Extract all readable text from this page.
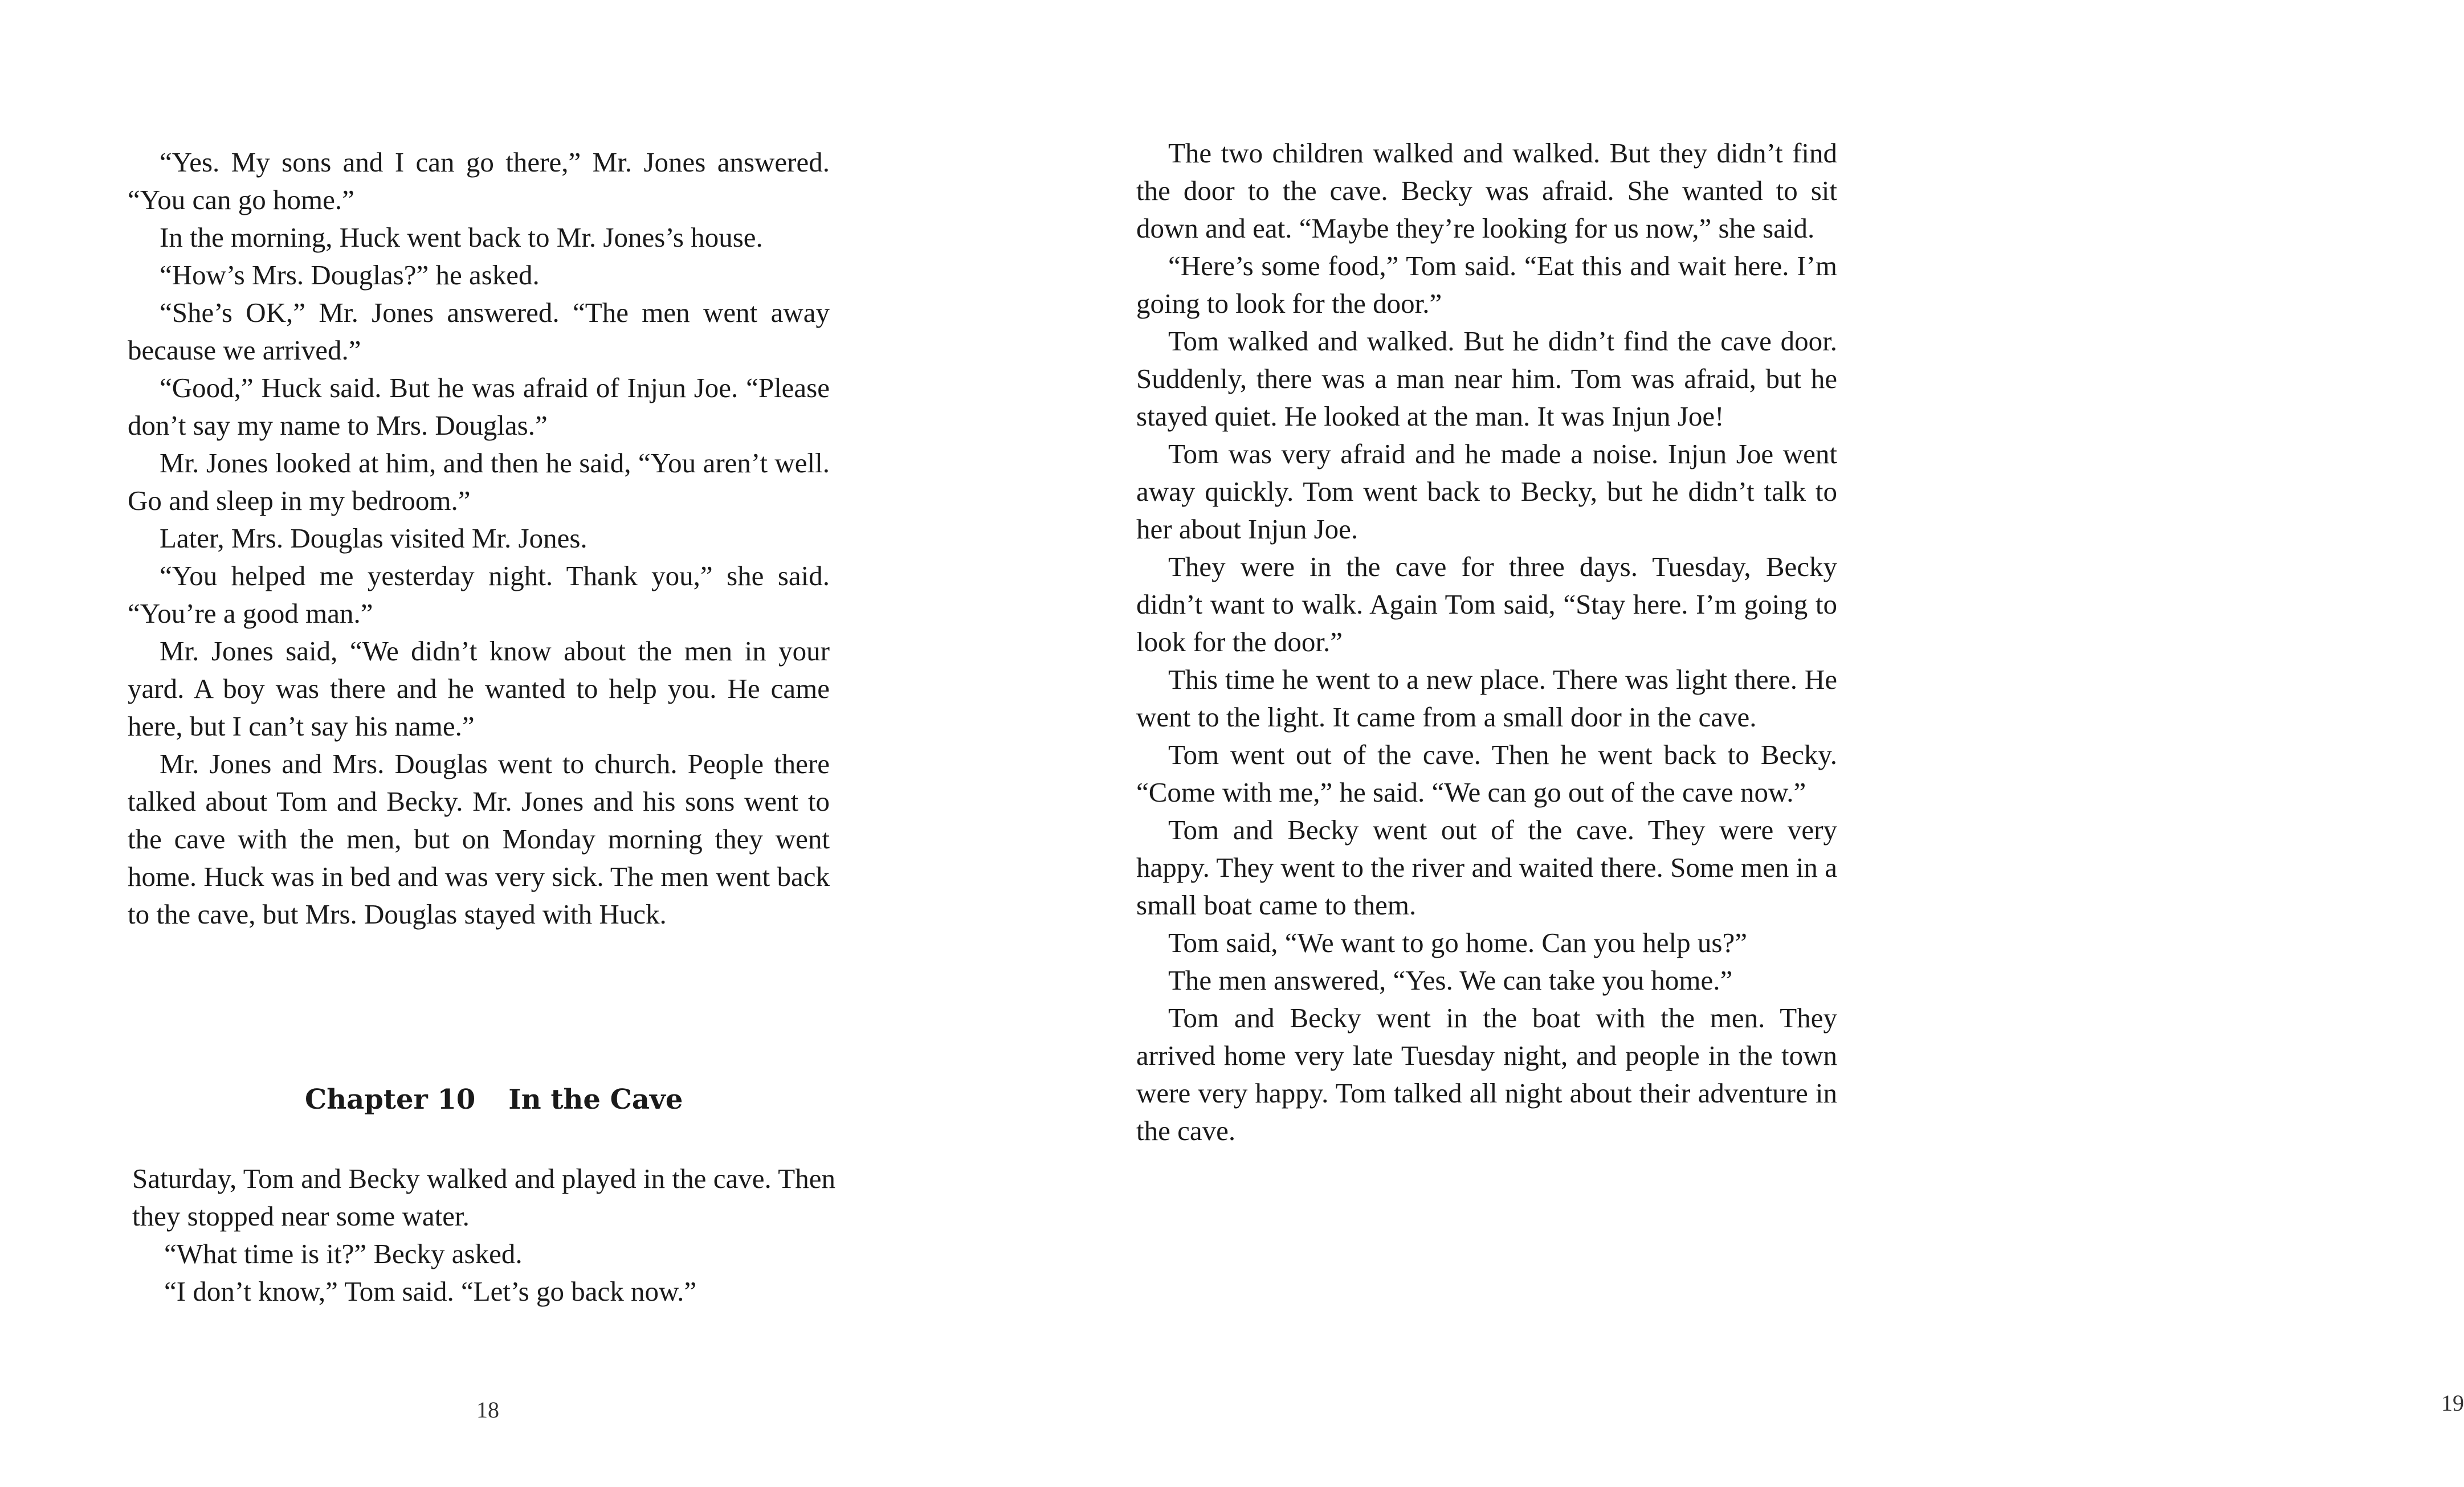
“Yes. My sons and I can go there,” Mr. Jones answered. “You can go home.”

In the morning, Huck went back to Mr. Jones’s house.

“How’s Mrs. Douglas?” he asked.

“She’s OK,” Mr. Jones answered. “The men went away because we arrived.”

“Good,” Huck said. But he was afraid of Injun Joe. “Please don’t say my name to Mrs. Douglas.”

Mr. Jones looked at him, and then he said, “You aren’t well. Go and sleep in my bedroom.”

Later, Mrs. Douglas visited Mr. Jones.

“You helped me yesterday night. Thank you,” she said. “You’re a good man.”

Mr. Jones said, “We didn’t know about the men in your yard. A boy was there and he wanted to help you. He came here, but I can’t say his name.”

Mr. Jones and Mrs. Douglas went to church. People there talked about Tom and Becky. Mr. Jones and his sons went to the cave with the men, but on Monday morning they went home. Huck was in bed and was very sick. The men went back to the cave, but Mrs. Douglas stayed with Huck.

Chapter 10 In the Cave

Saturday, Tom and Becky walked and played in the cave. Then they stopped near some water.

“What time is it?” Becky asked.

“I don’t know,” Tom said. “Let’s go back now.”

18

The two children walked and walked. But they didn’t find the door to the cave. Becky was afraid. She wanted to sit down and eat. “Maybe they’re looking for us now,” she said.

“Here’s some food,” Tom said. “Eat this and wait here. I’m going to look for the door.”

Tom walked and walked. But he didn’t find the cave door. Suddenly, there was a man near him. Tom was afraid, but he stayed quiet. He looked at the man. It was Injun Joe!

Tom was very afraid and he made a noise. Injun Joe went away quickly. Tom went back to Becky, but he didn’t talk to her about Injun Joe.

They were in the cave for three days. Tuesday, Becky didn’t want to walk. Again Tom said, “Stay here. I’m going to look for the door.”

This time he went to a new place. There was light there. He went to the light. It came from a small door in the cave.

Tom went out of the cave. Then he went back to Becky. “Come with me,” he said. “We can go out of the cave now.”

Tom and Becky went out of the cave. They were very happy. They went to the river and waited there. Some men in a small boat came to them.

Tom said, “We want to go home. Can you help us?”

The men answered, “Yes. We can take you home.”

Tom and Becky went in the boat with the men. They arrived home very late Tuesday night, and people in the town were very happy. Tom talked all night about their adventure in the cave.

19
